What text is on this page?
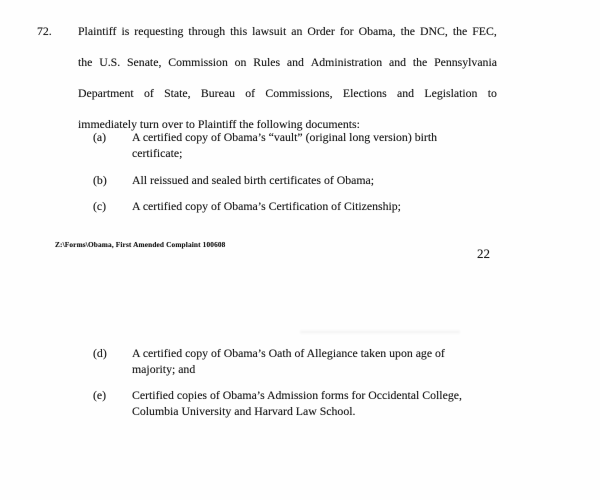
72.	Plaintiff is requesting through this lawsuit an Order for Obama, the DNC, the FEC,
the U.S. Senate, Commission on Rules and Administration and the Pennsylvania
Department of State, Bureau of Commissions, Elections and Legislation to
immediately turn over to Plaintiff the following documents:
(a)	A certified copy of Obama’s “vault” (original long version) birth
certificate;
(b)	All reissued and sealed birth certificates of Obama;
(c)	A certified copy of Obama’s Certification of Citizenship;
Z:\Forms\Obama, First Amended Complaint 100608
22
(d)	A certified copy of Obama’s Oath of Allegiance taken upon age of
majority; and
(e)	Certified copies of Obama’s Admission forms for Occidental College,
Columbia University and Harvard Law School.
